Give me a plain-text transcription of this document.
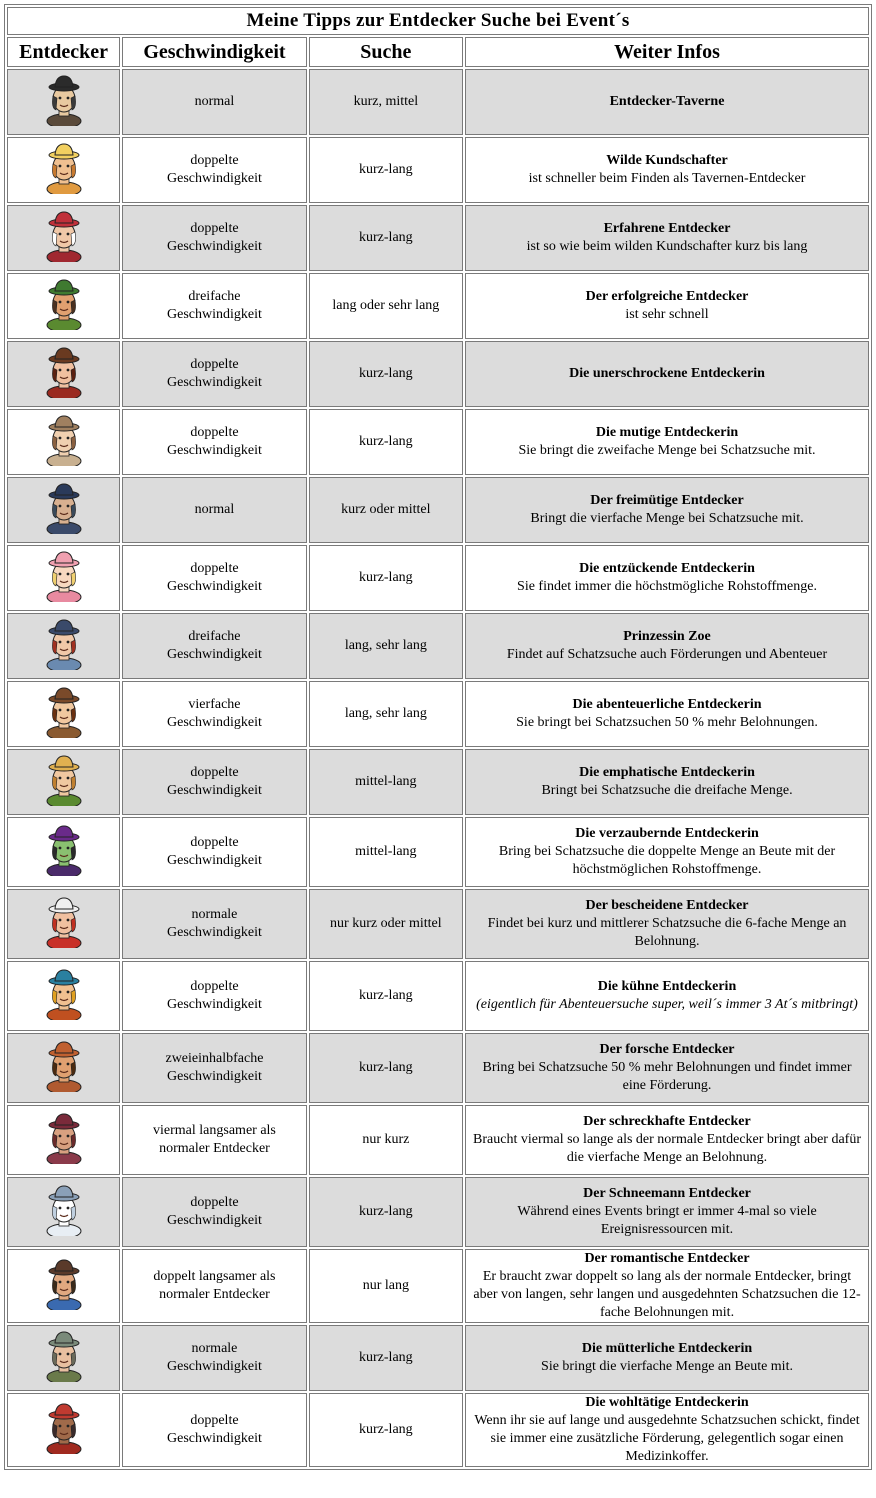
Meine Tipps zur Entdecker Suche bei Event´s			
Entdecker	Geschwindigkeit	Suche	Weiter Infos
	normal	kurz, mittel	Entdecker-Taverne

	doppelte Geschwindigkeit	kurz-lang	Wilde Kundschafter
ist schneller beim Finden als Tavernen-Entdecker

	doppelte Geschwindigkeit	kurz-lang	Erfahrene Entdecker
ist so wie beim wilden Kundschafter kurz bis lang

	dreifache Geschwindigkeit	lang oder sehr lang	Der erfolgreiche Entdecker
ist sehr schnell

	doppelte Geschwindigkeit	kurz-lang	Die unerschrockene Entdeckerin

	doppelte Geschwindigkeit	kurz-lang	Die mutige Entdeckerin
Sie bringt die zweifache Menge bei Schatzsuche mit.

	normal	kurz oder mittel	Der freimütige Entdecker
Bringt die vierfache Menge bei Schatzsuche mit.

	doppelte Geschwindigkeit	kurz-lang	Die entzückende Entdeckerin
Sie findet immer die höchstmögliche Rohstoffmenge.

	dreifache Geschwindigkeit	lang, sehr lang	Prinzessin Zoe
Findet auf Schatzsuche auch Förderungen und Abenteuer

	vierfache Geschwindigkeit	lang, sehr lang	Die abenteuerliche Entdeckerin
Sie bringt bei Schatzsuchen 50 % mehr Belohnungen.

	doppelte Geschwindigkeit	mittel-lang	Die emphatische Entdeckerin
Bringt bei Schatzsuche die dreifache Menge.

	doppelte Geschwindigkeit	mittel-lang	Die verzaubernde Entdeckerin
Bring bei Schatzsuche die doppelte Menge an Beute mit der höchstmöglichen Rohstoffmenge.

	normale Geschwindigkeit	nur kurz oder mittel	Der bescheidene Entdecker
Findet bei kurz und mittlerer Schatzsuche die 6-fache Menge an Belohnung.

	doppelte Geschwindigkeit	kurz-lang	Die kühne Entdeckerin
(eigentlich für Abenteuersuche super, weil´s immer 3 At´s mitbringt)

	zweieinhalbfache Geschwindigkeit	kurz-lang	Der forsche Entdecker
Bring bei Schatzsuche 50 % mehr Belohnungen und findet immer eine Förderung.

	viermal langsamer als normaler Entdecker	nur kurz	Der schreckhafte Entdecker
Braucht viermal so lange als der normale Entdecker bringt aber dafür die vierfache Menge an Belohnung.

	doppelte Geschwindigkeit	kurz-lang	Der Schneemann Entdecker
Während eines Events bringt er immer 4-mal so viele Ereignisressourcen mit.

	doppelt langsamer als normaler Entdecker	nur lang	Der romantische Entdecker
Er braucht zwar doppelt so lang als der normale Entdecker, bringt aber von langen, sehr langen und ausgedehnten Schatzsuchen die 12-fache Belohnungen mit.

	normale Geschwindigkeit	kurz-lang	Die mütterliche Entdeckerin
Sie bringt die vierfache Menge an Beute mit.

	doppelte Geschwindigkeit	kurz-lang	Die wohltätige Entdeckerin
Wenn ihr sie auf lange und ausgedehnte Schatzsuchen schickt, findet sie immer eine zusätzliche Förderung, gelegentlich sogar einen Medizinkoffer.
